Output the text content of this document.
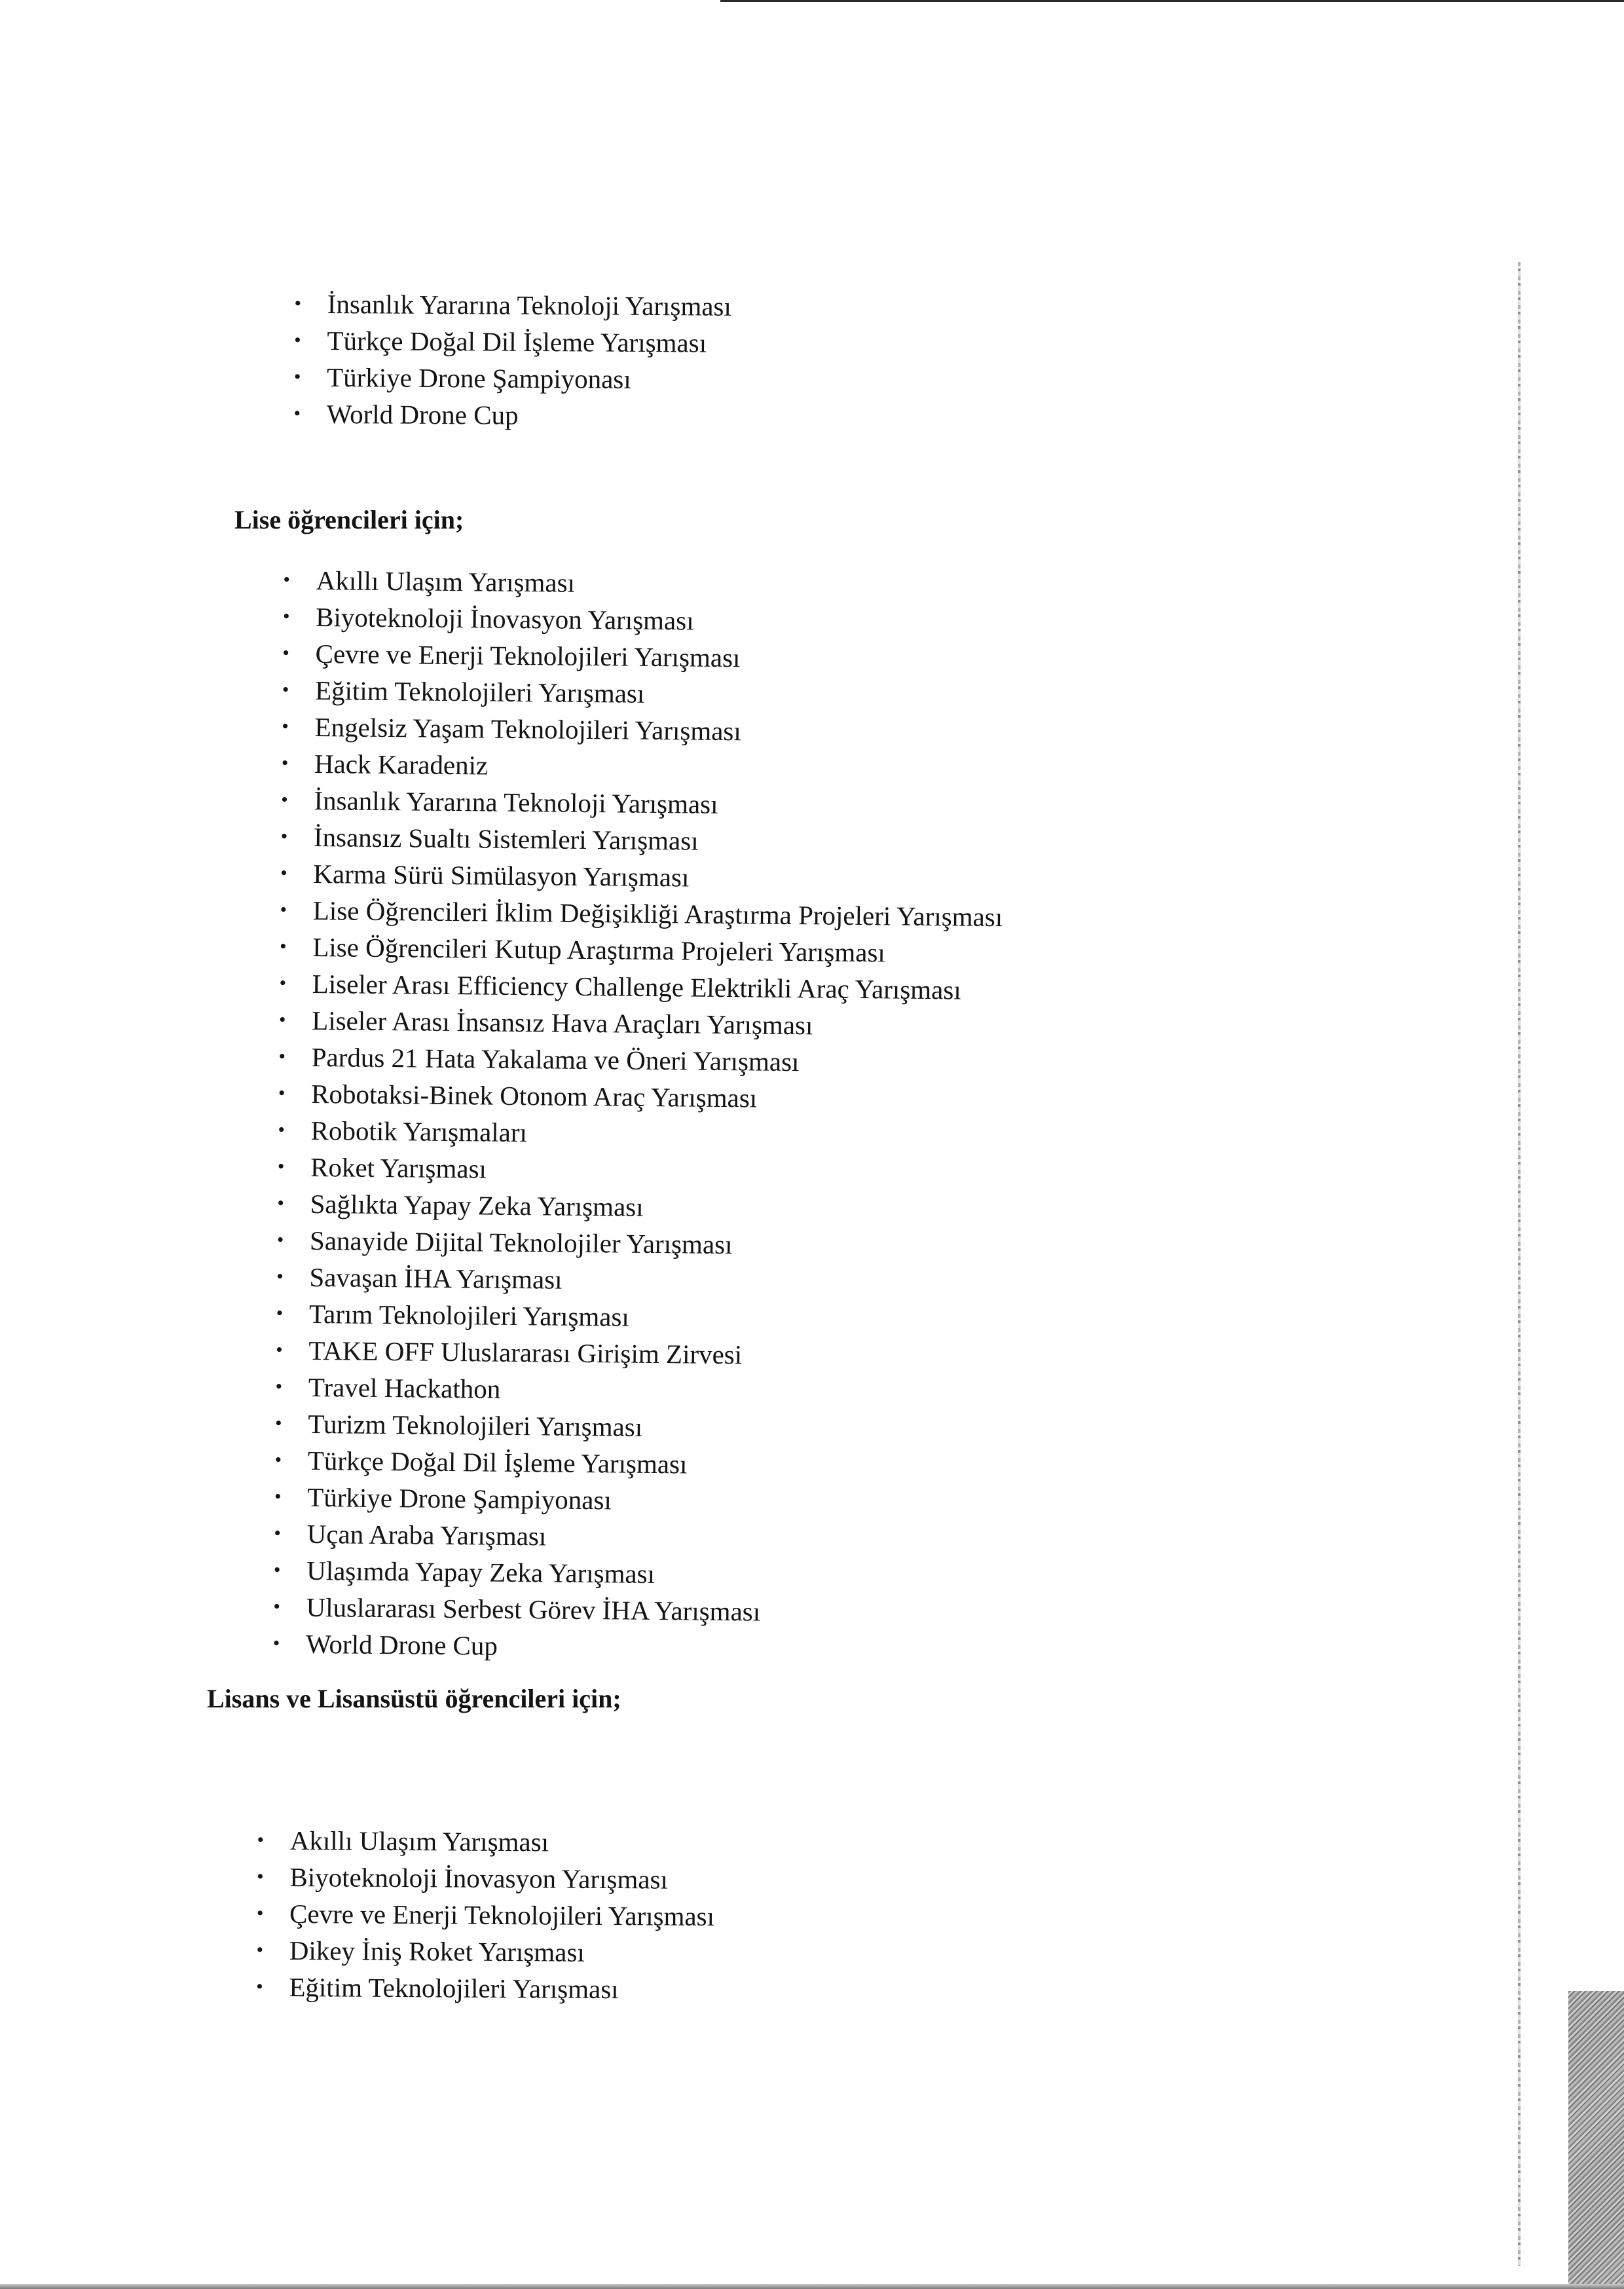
• İnsanlık Yararına Teknoloji Yarışması
• Türkçe Doğal Dil İşleme Yarışması
• Türkiye Drone Şampiyonası
• World Drone Cup
Lise öğrencileri için;
• Akıllı Ulaşım Yarışması
• Biyoteknoloji İnovasyon Yarışması
• Çevre ve Enerji Teknolojileri Yarışması
• Eğitim Teknolojileri Yarışması
• Engelsiz Yaşam Teknolojileri Yarışması
• Hack Karadeniz
• İnsanlık Yararına Teknoloji Yarışması
• İnsansız Sualtı Sistemleri Yarışması
• Karma Sürü Simülasyon Yarışması
• Lise Öğrencileri İklim Değişikliği Araştırma Projeleri Yarışması
• Lise Öğrencileri Kutup Araştırma Projeleri Yarışması
• Liseler Arası Efficiency Challenge Elektrikli Araç Yarışması
• Liseler Arası İnsansız Hava Araçları Yarışması
• Pardus 21 Hata Yakalama ve Öneri Yarışması
• Robotaksi-Binek Otonom Araç Yarışması
• Robotik Yarışmaları
• Roket Yarışması
• Sağlıkta Yapay Zeka Yarışması
• Sanayide Dijital Teknolojiler Yarışması
• Savaşan İHA Yarışması
• Tarım Teknolojileri Yarışması
• TAKE OFF Uluslararası Girişim Zirvesi
• Travel Hackathon
• Turizm Teknolojileri Yarışması
• Türkçe Doğal Dil İşleme Yarışması
• Türkiye Drone Şampiyonası
• Uçan Araba Yarışması
• Ulaşımda Yapay Zeka Yarışması
• Uluslararası Serbest Görev İHA Yarışması
• World Drone Cup
Lisans ve Lisansüstü öğrencileri için;
• Akıllı Ulaşım Yarışması
• Biyoteknoloji İnovasyon Yarışması
• Çevre ve Enerji Teknolojileri Yarışması
• Dikey İniş Roket Yarışması
• Eğitim Teknolojileri Yarışması
